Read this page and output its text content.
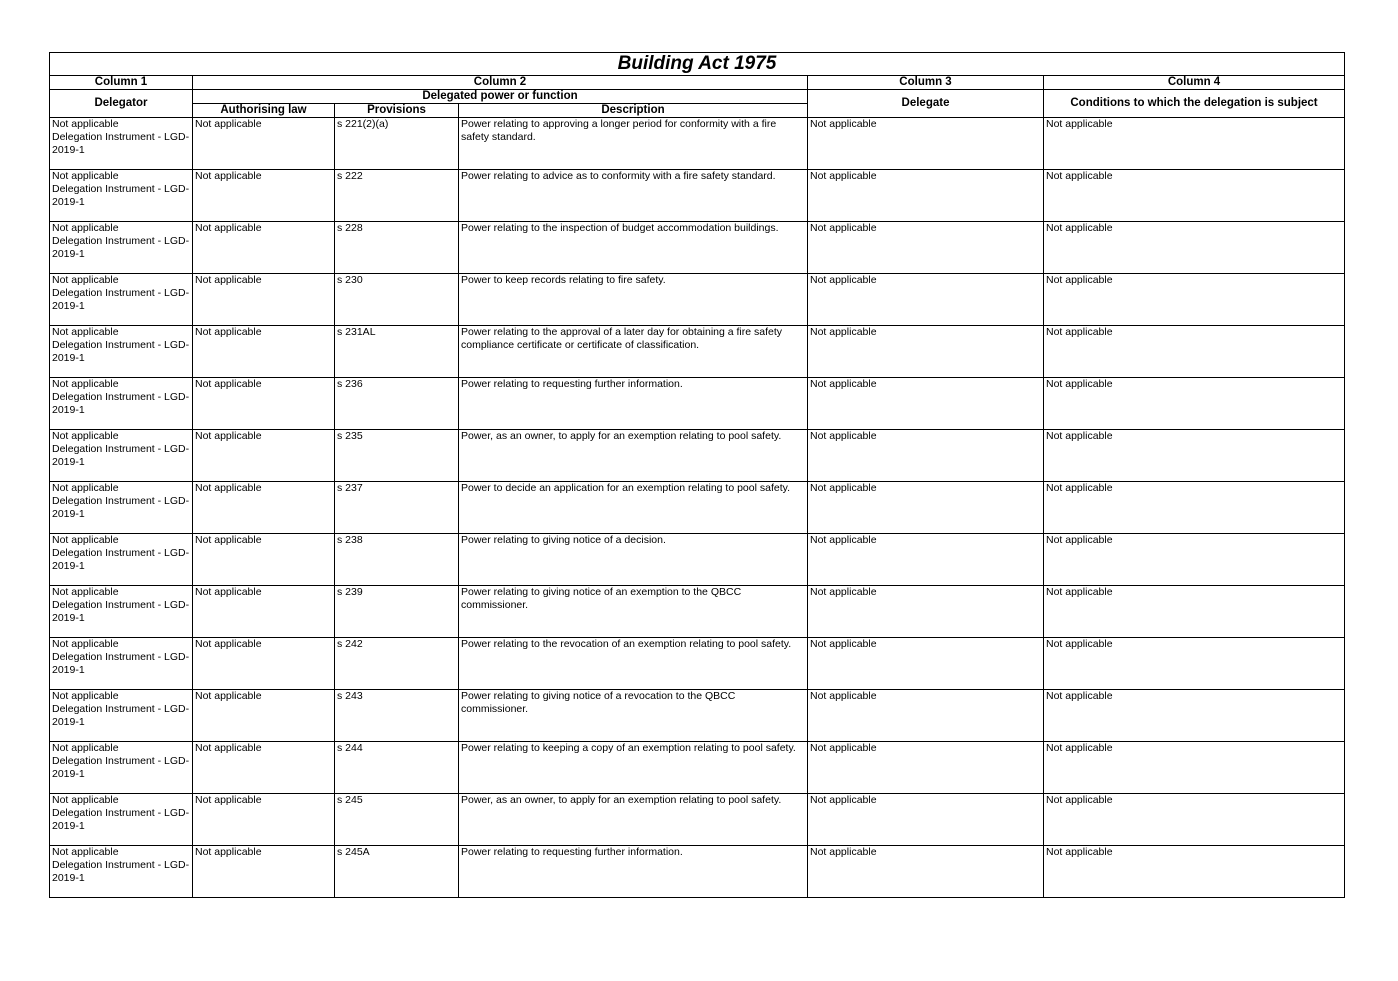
Building Act 1975					
Column 1	Column 2			Column 3	Column 4
Delegator	Delegated power or function			Delegate	Conditions to which the delegation is subject
	Authorising law	Provisions	Description		

Not applicable
Delegation Instrument - LGD-
2019-1	Not applicable	s 221(2)(a)	Power relating to approving a longer period for conformity with a fire safety standard.	Not applicable	Not applicable

Not applicable
Delegation Instrument - LGD-
2019-1	Not applicable	s 222	Power relating to advice as to conformity with a fire safety standard.	Not applicable	Not applicable

Not applicable
Delegation Instrument - LGD-
2019-1	Not applicable	s 228	Power relating to the inspection of budget accommodation buildings.	Not applicable	Not applicable

Not applicable
Delegation Instrument - LGD-
2019-1	Not applicable	s 230	Power to keep records relating to fire safety.	Not applicable	Not applicable

Not applicable
Delegation Instrument - LGD-
2019-1	Not applicable	s 231AL	Power relating to the approval of a later day for obtaining a fire safety compliance certificate or certificate of classification.	Not applicable	Not applicable

Not applicable
Delegation Instrument - LGD-
2019-1	Not applicable	s 236	Power relating to requesting further information.	Not applicable	Not applicable

Not applicable
Delegation Instrument - LGD-
2019-1	Not applicable	s 235	Power, as an owner, to apply for an exemption relating to pool safety.	Not applicable	Not applicable

Not applicable
Delegation Instrument - LGD-
2019-1	Not applicable	s 237	Power to decide an application for an exemption relating to pool safety.	Not applicable	Not applicable

Not applicable
Delegation Instrument - LGD-
2019-1	Not applicable	s 238	Power relating to giving notice of a decision.	Not applicable	Not applicable

Not applicable
Delegation Instrument - LGD-
2019-1	Not applicable	s 239	Power relating to giving notice of an exemption to the QBCC commissioner.	Not applicable	Not applicable

Not applicable
Delegation Instrument - LGD-
2019-1	Not applicable	s 242	Power relating to the revocation of an exemption relating to pool safety.	Not applicable	Not applicable

Not applicable
Delegation Instrument - LGD-
2019-1	Not applicable	s 243	Power relating to giving notice of a revocation to the QBCC commissioner.	Not applicable	Not applicable

Not applicable
Delegation Instrument - LGD-
2019-1	Not applicable	s 244	Power relating to keeping a copy of an exemption relating to pool safety.	Not applicable	Not applicable

Not applicable
Delegation Instrument - LGD-
2019-1	Not applicable	s 245	Power, as an owner, to apply for an exemption relating to pool safety.	Not applicable	Not applicable

Not applicable
Delegation Instrument - LGD-
2019-1	Not applicable	s 245A	Power relating to requesting further information.	Not applicable	Not applicable
